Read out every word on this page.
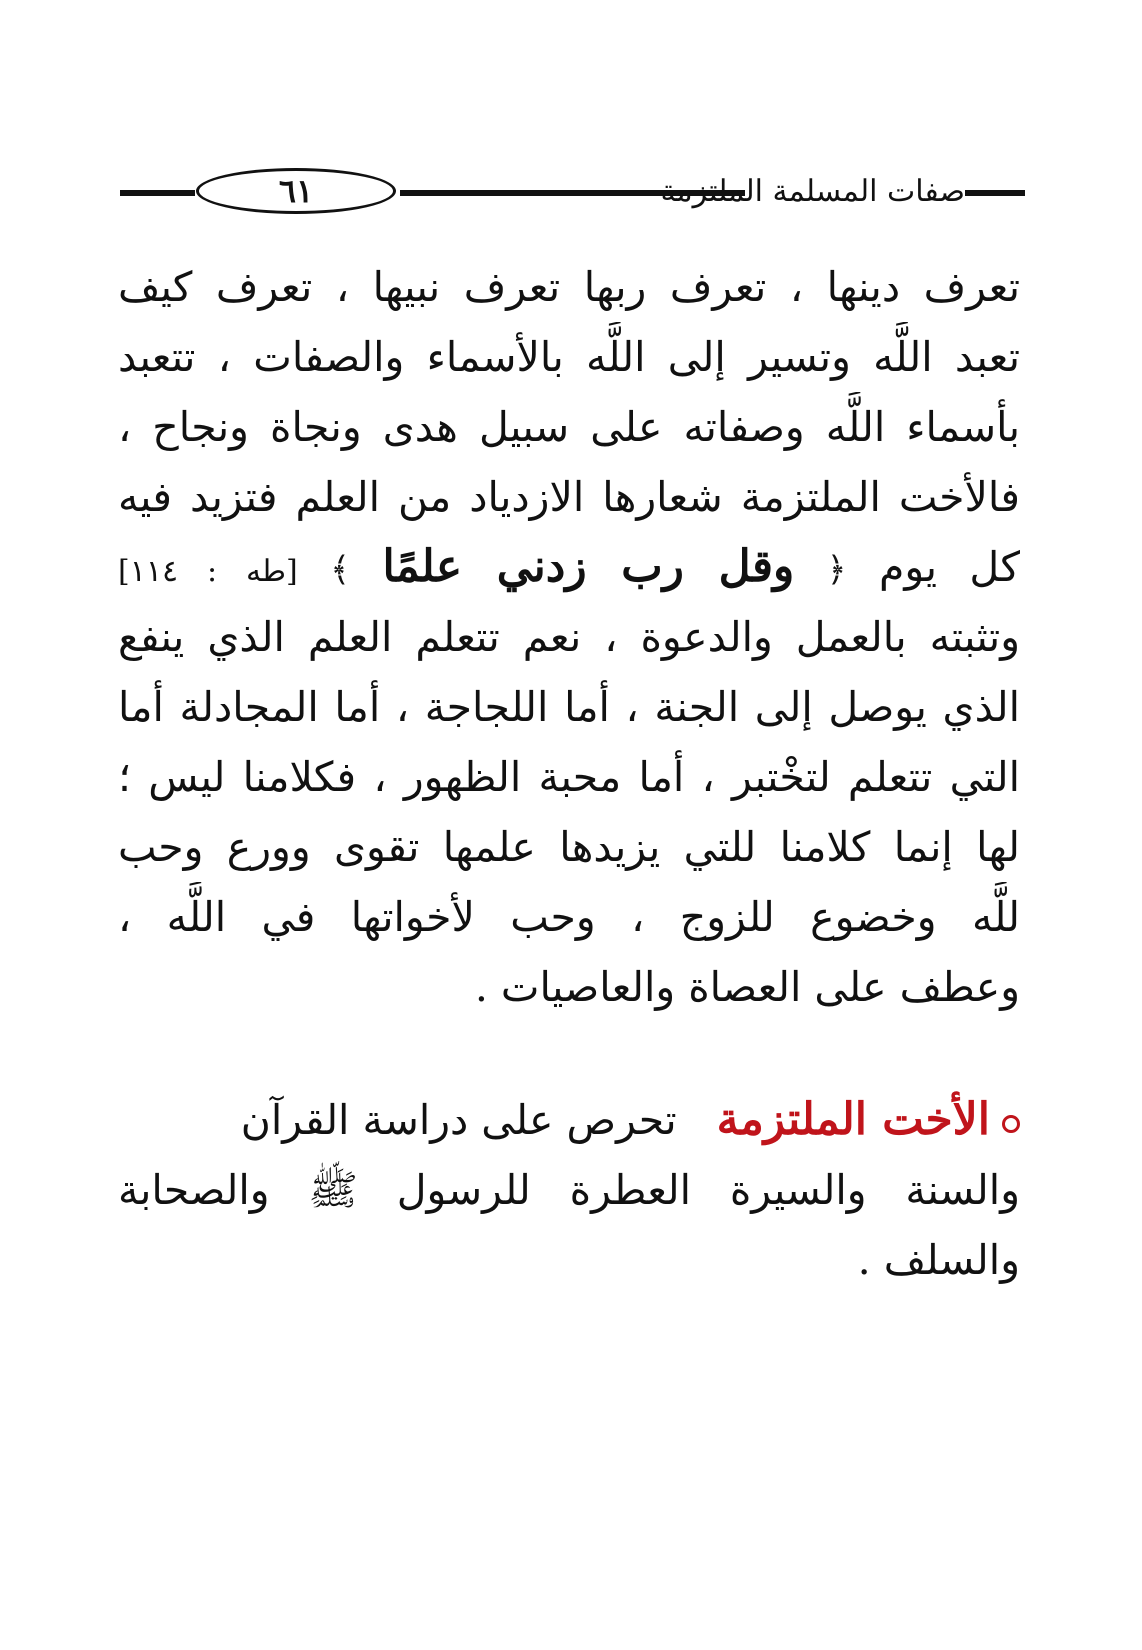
صفات المسلمة الملتزمة
٦١
تعرف دينها ، تعرف ربها تعرف نبيها ، تعرف كيف
تعبد اللَّه وتسير إلى اللَّه بالأسماء والصفات ، تتعبد
بأسماء اللَّه وصفاته على سبيل هدى ونجاة ونجاح ،
فالأخت الملتزمة شعارها الازدياد من العلم فتزيد فيه
كل يوم ﴿ وقل رب زدني علمًا ﴾ [طه : ١١٤]
وتثبته بالعمل والدعوة ، نعم تتعلم العلم الذي ينفع
الذي يوصل إلى الجنة ، أما اللجاجة ، أما المجادلة أما
التي تتعلم لتخْتبر ، أما محبة الظهور ، فكلامنا ليس ؛
لها إنما كلامنا للتي يزيدها علمها تقوى وورع وحب
للَّه وخضوع للزوج ، وحب لأخواتها في اللَّه ،
وعطف على العصاة والعاصيات .
الأخت الملتزمةتحرص على دراسة القرآن
والسنة والسيرة العطرة للرسول ﷺ والصحابة
والسلف .
